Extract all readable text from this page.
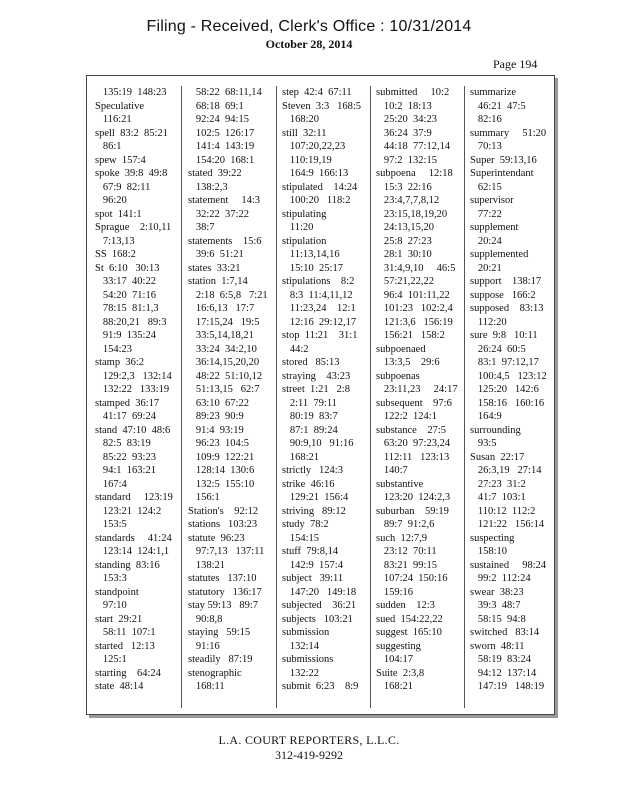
Filing - Received, Clerk's Office : 10/31/2014
October 28, 2014
Page 194
135:19  148:23
Speculative
116:21
spell  83:2  85:21
86:1
spew  157:4
spoke  39:8  49:8
67:9  82:11
96:20
spot  141:1
Sprague    2:10,11
7:13,13
SS  168:2
St  6:10   30:13
33:17  40:22
54:20  71:16
78:15  81:1,3
88:20,21   89:3
91:9  135:24
154:23
stamp  36:2
129:2,3   132:14
132:22   133:19
stamped  36:17
41:17  69:24
stand  47:10  48:6
82:5  83:19
85:22  93:23
94:1  163:21
167:4
standard     123:19
123:21  124:2
153:5
standards     41:24
123:14  124:1,1
standing  83:16
153:3
standpoint
97:10
start  29:21
58:11  107:1
started   12:13
125:1
starting    64:24
state  48:14
58:22  68:11,14
68:18  69:1
92:24  94:15
102:5  126:17
141:4  143:19
154:20  168:1
stated  39:22
138:2,3
statement     14:3
32:22  37:22
38:7
statements    15:6
39:6  51:21
states  33:21
station  1:7,14
2:18  6:5,8   7:21
16:6,13   17:7
17:15,24   19:5
33:5,14,18,21
33:24  34:2,10
36:14,15,20,20
48:22  51:10,12
51:13,15   62:7
63:10  67:22
89:23  90:9
91:4  93:19
96:23  104:5
109:9  122:21
128:14  130:6
132:5  155:10
156:1
Station's    92:12
stations   103:23
statute  96:23
97:7,13   137:11
138:21
statutes   137:10
statutory   136:17
stay 59:13   89:7
90:8,8
staying   59:15
91:16
steadily   87:19
stenographic
168:11
step  42:4  67:11
Steven  3:3   168:5
168:20
still  32:11
107:20,22,23
110:19,19
164:9  166:13
stipulated    14:24
100:20   118:2
stipulating
11:20
stipulation
11:13,14,16
15:10  25:17
stipulations    8:2
8:3  11:4,11,12
11:23,24    12:1
12:16  29:12,17
stop  11:21    31:1
44:2
stored   85:13
straying    43:23
street  1:21   2:8
2:11  79:11
80:19  83:7
87:1  89:24
90:9,10   91:16
168:21
strictly   124:3
strike  46:16
129:21  156:4
striving   89:12
study  78:2
154:15
stuff  79:8,14
142:9  157:4
subject   39:11
147:20   149:18
subjected    36:21
subjects   103:21
submission
132:14
submissions
132:22
submit  6:23    8:9
submitted     10:2
10:2  18:13
25:20  34:23
36:24  37:9
44:18  77:12,14
97:2  132:15
subpoena     12:18
15:3  22:16
23:4,7,7,8,12
23:15,18,19,20
24:13,15,20
25:8  27:23
28:1  30:10
31:4,9,10     46:5
57:21,22,22
96:4  101:11,22
101:23   102:2,4
121:3,6   156:19
156:21   158:2
subpoenaed
13:3,5    29:6
subpoenas
23:11,23     24:17
subsequent    97:6
122:2  124:1
substance    27:5
63:20  97:23,24
112:11   123:13
140:7
substantive
123:20  124:2,3
suburban    59:19
89:7  91:2,6
such  12:7,9
23:12  70:11
83:21  99:15
107:24  150:16
159:16
sudden    12:3
sued  154:22,22
suggest  165:10
suggesting
104:17
Suite  2:3,8
168:21
summarize
46:21  47:5
82:16
summary     51:20
70:13
Super  59:13,16
Superintendant
62:15
supervisor
77:22
supplement
20:24
supplemented
20:21
support    138:17
suppose   166:2
supposed    83:13
112:20
sure  9:8   10:11
26:24  60:5
83:1  97:12,17
100:4,5   123:12
125:20   142:6
158:16   160:16
164:9
surrounding
93:5
Susan  22:17
26:3,19   27:14
27:23  31:2
41:7  103:1
110:12  112:2
121:22   156:14
suspecting
158:10
sustained     98:24
99:2  112:24
swear  38:23
39:3  48:7
58:15  94:8
switched   83:14
sworn  48:11
58:19  83:24
94:12  137:14
147:19   148:19
L.A. COURT REPORTERS, L.L.C.
312-419-9292
